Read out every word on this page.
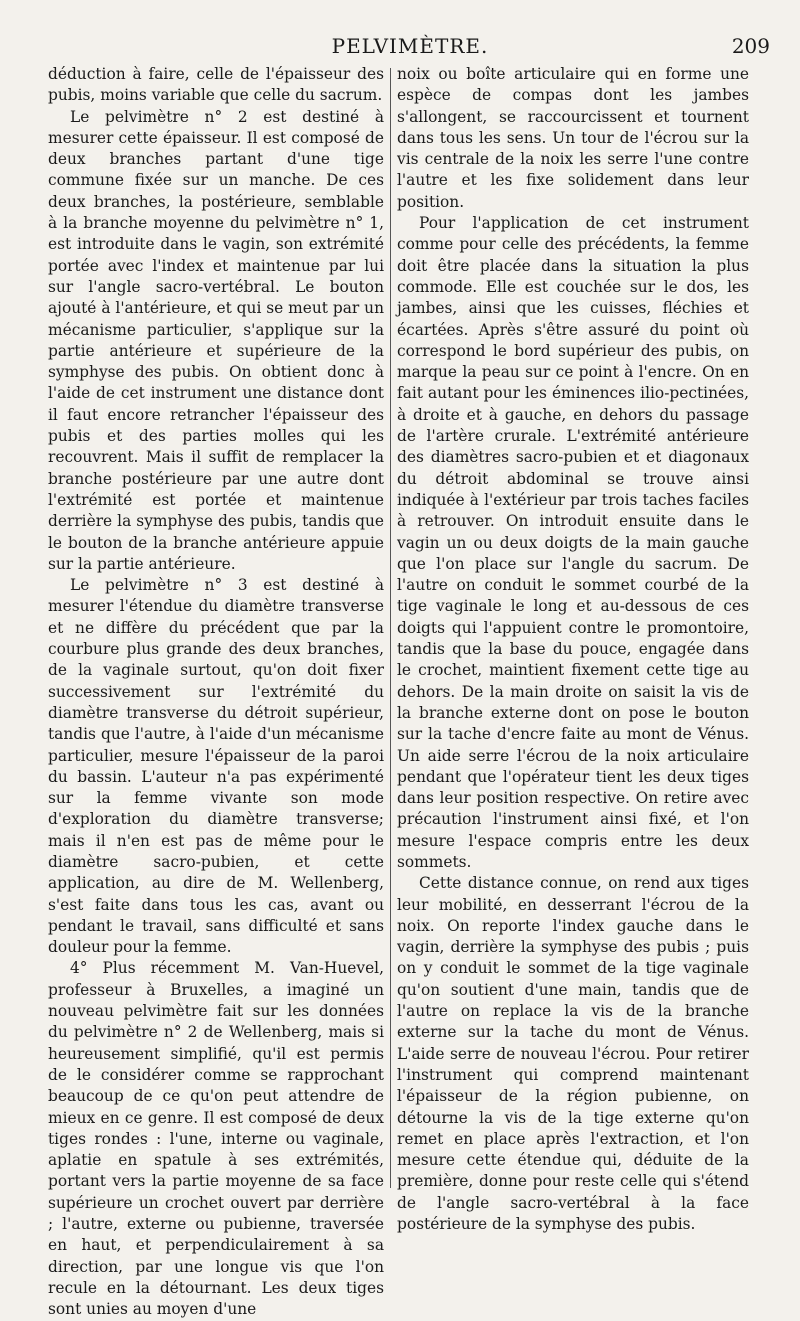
PELVIMÈTRE.	209

déduction à faire, celle de l'épaisseur des pubis, moins variable que celle du sacrum.

Le pelvimètre n° 2 est destiné à mesurer cette épaisseur. Il est composé de deux branches partant d'une tige commune fixée sur un manche. De ces deux branches, la postérieure, semblable à la branche moyenne du pelvimètre n° 1, est introduite dans le vagin, son extrémité portée avec l'index et maintenue par lui sur l'angle sacro-vertébral. Le bouton ajouté à l'antérieure, et qui se meut par un mécanisme particulier, s'applique sur la partie antérieure et supérieure de la symphyse des pubis. On obtient donc à l'aide de cet instrument une distance dont il faut encore retrancher l'épaisseur des pubis et des parties molles qui les recouvrent. Mais il suffit de remplacer la branche postérieure par une autre dont l'extrémité est portée et maintenue derrière la symphyse des pubis, tandis que le bouton de la branche antérieure appuie sur la partie antérieure.

Le pelvimètre n° 3 est destiné à mesurer l'étendue du diamètre transverse et ne diffère du précédent que par la courbure plus grande des deux branches, de la vaginale surtout, qu'on doit fixer successivement sur l'extrémité du diamètre transverse du détroit supérieur, tandis que l'autre, à l'aide d'un mécanisme particulier, mesure l'épaisseur de la paroi du bassin. L'auteur n'a pas expérimenté sur la femme vivante son mode d'exploration du diamètre transverse; mais il n'en est pas de même pour le diamètre sacro-pubien, et cette application, au dire de M. Wellenberg, s'est faite dans tous les cas, avant ou pendant le travail, sans difficulté et sans douleur pour la femme.

4° Plus récemment M. Van-Huevel, professeur à Bruxelles, a imaginé un nouveau pelvimètre fait sur les données du pelvimètre n° 2 de Wellenberg, mais si heureusement simplifié, qu'il est permis de le considérer comme se rapprochant beaucoup de ce qu'on peut attendre de mieux en ce genre. Il est composé de deux tiges rondes : l'une, interne ou vaginale, aplatie en spatule à ses extrémités, portant vers la partie moyenne de sa face supérieure un crochet ouvert par derrière ; l'autre, externe ou pubienne, traversée en haut, et perpendiculairement à sa direction, par une longue vis que l'on recule en la détournant. Les deux tiges sont unies au moyen d'une

noix ou boîte articulaire qui en forme une espèce de compas dont les jambes s'allongent, se raccourcissent et tournent dans tous les sens. Un tour de l'écrou sur la vis centrale de la noix les serre l'une contre l'autre et les fixe solidement dans leur position.

Pour l'application de cet instrument comme pour celle des précédents, la femme doit être placée dans la situation la plus commode. Elle est couchée sur le dos, les jambes, ainsi que les cuisses, fléchies et écartées. Après s'être assuré du point où correspond le bord supérieur des pubis, on marque la peau sur ce point à l'encre. On en fait autant pour les éminences ilio-pectinées, à droite et à gauche, en dehors du passage de l'artère crurale. L'extrémité antérieure des diamètres sacro-pubien et et diagonaux du détroit abdominal se trouve ainsi indiquée à l'extérieur par trois taches faciles à retrouver. On introduit ensuite dans le vagin un ou deux doigts de la main gauche que l'on place sur l'angle du sacrum. De l'autre on conduit le sommet courbé de la tige vaginale le long et au-dessous de ces doigts qui l'appuient contre le promontoire, tandis que la base du pouce, engagée dans le crochet, maintient fixement cette tige au dehors. De la main droite on saisit la vis de la branche externe dont on pose le bouton sur la tache d'encre faite au mont de Vénus. Un aide serre l'écrou de la noix articulaire pendant que l'opérateur tient les deux tiges dans leur position respective. On retire avec précaution l'instrument ainsi fixé, et l'on mesure l'espace compris entre les deux sommets.

Cette distance connue, on rend aux tiges leur mobilité, en desserrant l'écrou de la noix. On reporte l'index gauche dans le vagin, derrière la symphyse des pubis ; puis on y conduit le sommet de la tige vaginale qu'on soutient d'une main, tandis que de l'autre on replace la vis de la branche externe sur la tache du mont de Vénus. L'aide serre de nouveau l'écrou. Pour retirer l'instrument qui comprend maintenant l'épaisseur de la région pubienne, on détourne la vis de la tige externe qu'on remet en place après l'extraction, et l'on mesure cette étendue qui, déduite de la première, donne pour reste celle qui s'étend de l'angle sacro-vertébral à la face postérieure de la symphyse des pubis.
